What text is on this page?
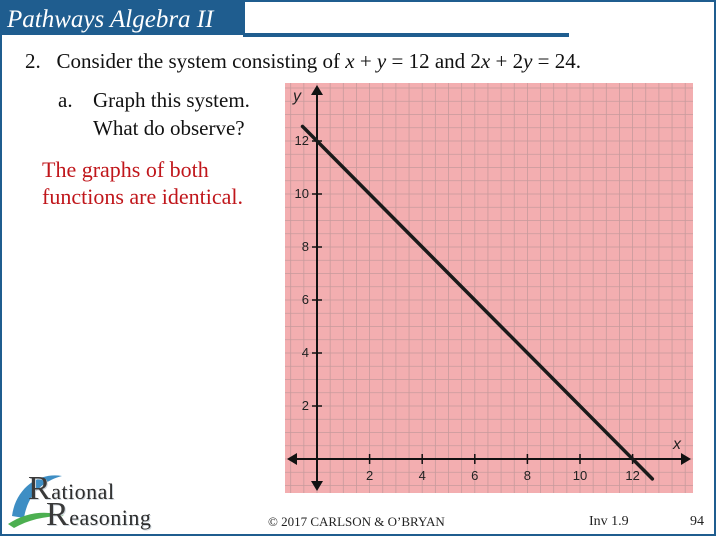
Pathways Algebra II
2. Consider the system consisting of x + y = 12 and 2x + 2y = 24.
a. Graph this system.
What do observe?
The graphs of both
functions are identical.
x
y
2	4	6	8	10	12
2
4
6
8
10
12
Rational
Reasoning	© 2017 CARLSON & O’BRYAN	Inv 1.9	94
